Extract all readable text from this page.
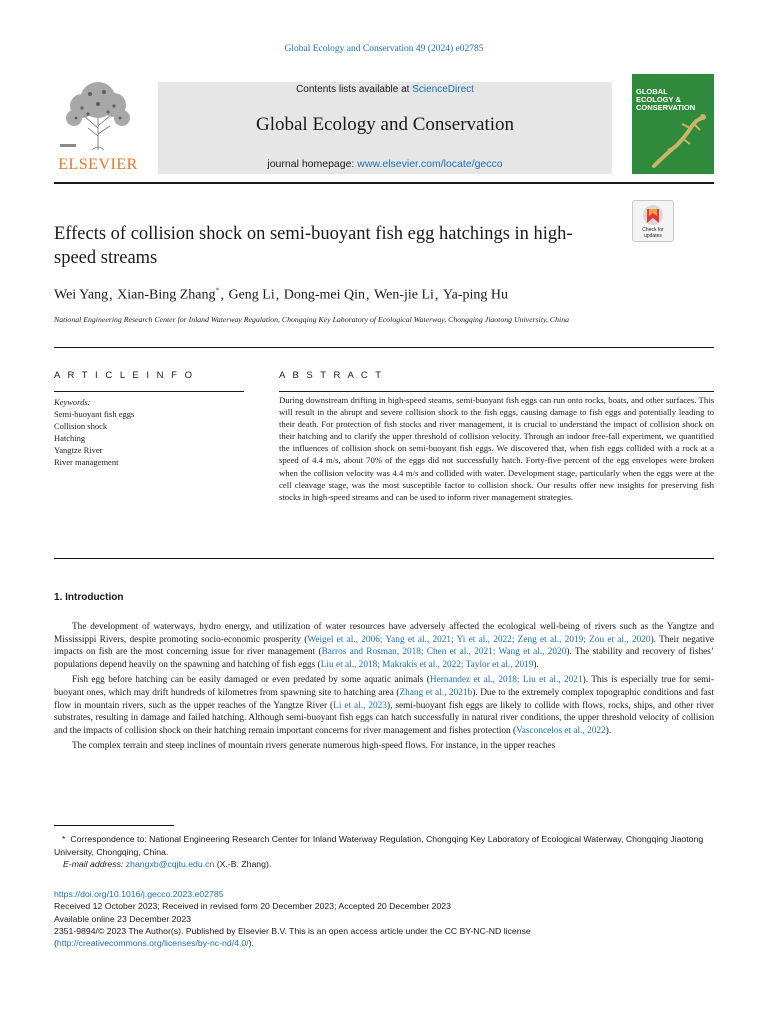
Global Ecology and Conservation 49 (2024) e02785
ELSEVIER
Contents lists available at ScienceDirect
Global Ecology and Conservation
journal homepage: www.elsevier.com/locate/gecco
GLOBAL
ECOLOGY &
CONSERVATION
Check for
updates
Effects of collision shock on semi-buoyant fish egg hatchings in high-speed streams
Wei Yang, Xian-Bing Zhang*, Geng Li, Dong-mei Qin, Wen-jie Li, Ya-ping Hu
National Engineering Research Center for Inland Waterway Regulation, Chongqing Key Laboratory of Ecological Waterway, Chongqing Jiaotong University, China
A R T I C L E I N F O	A B S T R A C T
Keywords:
Semi-buoyant fish eggs
Collision shock
Hatching
Yangtze River
River management

During downstream drifting in high-speed steams, semi-buoyant fish eggs can run onto rocks, boats, and other surfaces. This will result in the abrupt and severe collision shock to the fish eggs, causing damage to fish eggs and potentially leading to their death. For protection of fish stocks and river management, it is crucial to understand the impact of collision shock on their hatching and to clarify the upper threshold of collision velocity. Through an indoor free-fall experiment, we quantified the influences of collision shock on semi-buoyant fish eggs. We discovered that, when fish eggs collided with a rock at a speed of 4.4 m/s, about 70% of the eggs did not successfully hatch. Forty-five percent of the egg envelopes were broken when the collision velocity was 4.4 m/s and collided with water. Development stage, particularly when the eggs were at the cell cleavage stage, was the most susceptible factor to collision shock. Our results offer new insights for preserving fish stocks in high-speed streams and can be used to inform river management strategies.

1. Introduction

The development of waterways, hydro energy, and utilization of water resources have adversely affected the ecological well-being of rivers such as the Yangtze and Mississippi Rivers, despite promoting socio-economic prosperity (Weigel et al., 2006; Yang et al., 2021; Yi et al., 2022; Zeng et al., 2019; Zou et al., 2020). Their negative impacts on fish are the most concerning issue for river management (Barros and Rosman, 2018; Chen et al., 2021; Wang et al., 2020). The stability and recovery of fishes’ populations depend heavily on the spawning and hatching of fish eggs (Liu et al., 2018; Makrakis et al., 2022; Taylor et al., 2019).

Fish egg before hatching can be easily damaged or even predated by some aquatic animals (Hernandez et al., 2018; Liu et al., 2021). This is especially true for semi-buoyant ones, which may drift hundreds of kilometres from spawning site to hatching area (Zhang et al., 2021b). Due to the extremely complex topographic conditions and fast flow in mountain rivers, such as the upper reaches of the Yangtze River (Li et al., 2023), semi-buoyant fish eggs are likely to collide with flows, rocks, ships, and other river substrates, resulting in damage and failed hatching. Although semi-buoyant fish eggs can hatch successfully in natural river conditions, the upper threshold velocity of collision and the impacts of collision shock on their hatching remain important concerns for river management and fishes protection (Vasconcelos et al., 2022).

The complex terrain and steep inclines of mountain rivers generate numerous high-speed flows. For instance, in the upper reaches

* Correspondence to: National Engineering Research Center for Inland Waterway Regulation, Chongqing Key Laboratory of Ecological Waterway, Chongqing Jiaotong University, Chongqing, China.
E-mail address: zhangxb@cqjtu.edu.cn (X.-B. Zhang).
https://doi.org/10.1016/j.gecco.2023.e02785
Received 12 October 2023; Received in revised form 20 December 2023; Accepted 20 December 2023
Available online 23 December 2023
2351-9894/© 2023 The Author(s). Published by Elsevier B.V. This is an open access article under the CC BY-NC-ND license
(http://creativecommons.org/licenses/by-nc-nd/4.0/).
